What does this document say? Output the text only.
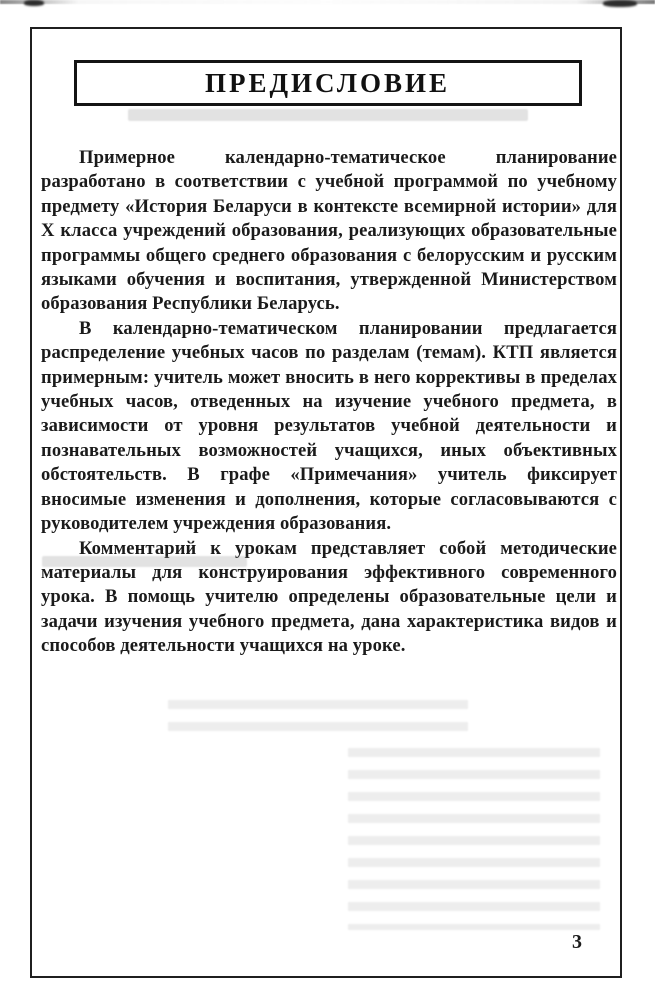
ПРЕДИСЛОВИЕ

Примерное календарно-тематическое планирование разработано в соответствии с учебной программой по учебному предмету «История Беларуси в контексте всемирной истории» для X класса учреждений образования, реализующих образовательные программы общего среднего образования с белорусским и русским языками обучения и воспитания, утвержденной Министерством образования Республики Беларусь.

В календарно-тематическом планировании предлагается распределение учебных часов по разделам (темам). КТП является примерным: учитель может вносить в него коррективы в пределах учебных часов, отведенных на изучение учебного предмета, в зависимости от уровня результатов учебной деятельности и познавательных возможностей учащихся, иных объективных обстоятельств. В графе «Примечания» учитель фиксирует вносимые изменения и дополнения, которые согласовываются с руководителем учреждения образования.

Комментарий к урокам представляет собой методические материалы для конструирования эффективного современного урока. В помощь учителю определены образовательные цели и задачи изучения учебного предмета, дана характеристика видов и способов деятельности учащихся на уроке.

3
